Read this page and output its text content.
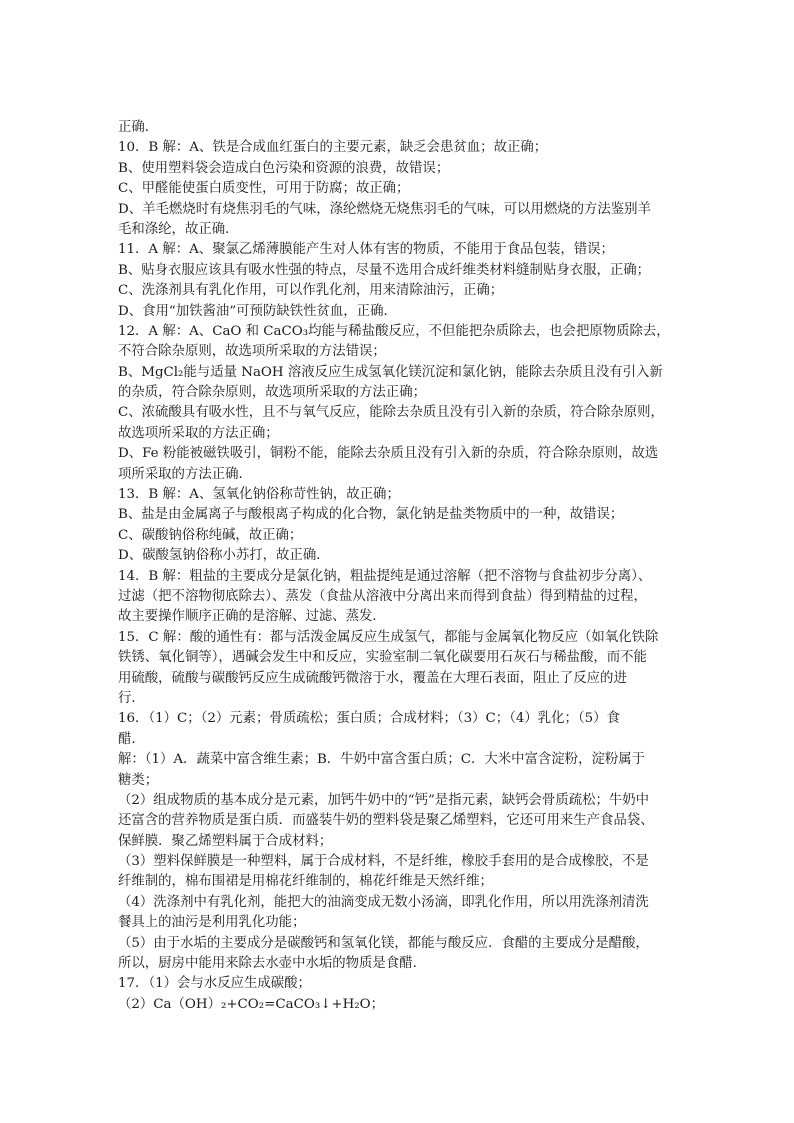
正确．
10．B 解：A、铁是合成血红蛋白的主要元素，缺乏会患贫血；故正确；
B、使用塑料袋会造成白色污染和资源的浪费，故错误；
C、甲醛能使蛋白质变性，可用于防腐；故正确；
D、羊毛燃烧时有烧焦羽毛的气味，涤纶燃烧无烧焦羽毛的气味，可以用燃烧的方法鉴别羊
毛和涤纶，故正确．
11．A 解：A、聚氯乙烯薄膜能产生对人体有害的物质，不能用于食品包装，错误；
B、贴身衣服应该具有吸水性强的特点，尽量不选用合成纤维类材料缝制贴身衣服，正确；
C、洗涤剂具有乳化作用，可以作乳化剂，用来清除油污，正确；
D、食用“加铁酱油”可预防缺铁性贫血，正确．
12．A 解：A、CaO 和 CaCO₃均能与稀盐酸反应，不但能把杂质除去，也会把原物质除去，
不符合除杂原则，故选项所采取的方法错误；
B、MgCl₂能与适量 NaOH 溶液反应生成氢氧化镁沉淀和氯化钠，能除去杂质且没有引入新
的杂质，符合除杂原则，故选项所采取的方法正确；
C、浓硫酸具有吸水性，且不与氧气反应，能除去杂质且没有引入新的杂质，符合除杂原则，
故选项所采取的方法正确；
D、Fe 粉能被磁铁吸引，铜粉不能，能除去杂质且没有引入新的杂质，符合除杂原则，故选
项所采取的方法正确．
13．B 解：A、氢氧化钠俗称苛性钠，故正确；
B、盐是由金属离子与酸根离子构成的化合物，氯化钠是盐类物质中的一种，故错误；
C、碳酸钠俗称纯碱，故正确；
D、碳酸氢钠俗称小苏打，故正确．
14．B 解：粗盐的主要成分是氯化钠，粗盐提纯是通过溶解（把不溶物与食盐初步分离）、
过滤（把不溶物彻底除去）、蒸发（食盐从溶液中分离出来而得到食盐）得到精盐的过程，
故主要操作顺序正确的是溶解、过滤、蒸发．
15．C 解：酸的通性有：都与活泼金属反应生成氢气，都能与金属氧化物反应（如氧化铁除
铁锈、氧化铜等），遇碱会发生中和反应，实验室制二氧化碳要用石灰石与稀盐酸，而不能
用硫酸，硫酸与碳酸钙反应生成硫酸钙微溶于水，覆盖在大理石表面，阻止了反应的进
行．
16．（1）C；（2）元素；骨质疏松；蛋白质；合成材料；（3）C；（4）乳化；（5）食
醋．
解：（1）A．蔬菜中富含维生素；B．牛奶中富含蛋白质；C．大米中富含淀粉，淀粉属于
糖类；
（2）组成物质的基本成分是元素，加钙牛奶中的“钙”是指元素，缺钙会骨质疏松；牛奶中
还富含的营养物质是蛋白质．而盛装牛奶的塑料袋是聚乙烯塑料，它还可用来生产食品袋、
保鲜膜．聚乙烯塑料属于合成材料；
（3）塑料保鲜膜是一种塑料，属于合成材料，不是纤维，橡胶手套用的是合成橡胶，不是
纤维制的，棉布围裙是用棉花纤维制的，棉花纤维是天然纤维；
（4）洗涤剂中有乳化剂，能把大的油滴变成无数小汤滴，即乳化作用，所以用洗涤剂清洗
餐具上的油污是利用乳化功能；
（5）由于水垢的主要成分是碳酸钙和氢氧化镁，都能与酸反应．食醋的主要成分是醋酸，
所以，厨房中能用来除去水壶中水垢的物质是食醋．
17．（1）会与水反应生成碳酸；
（2）Ca（OH）₂+CO₂=CaCO₃↓+H₂O；
